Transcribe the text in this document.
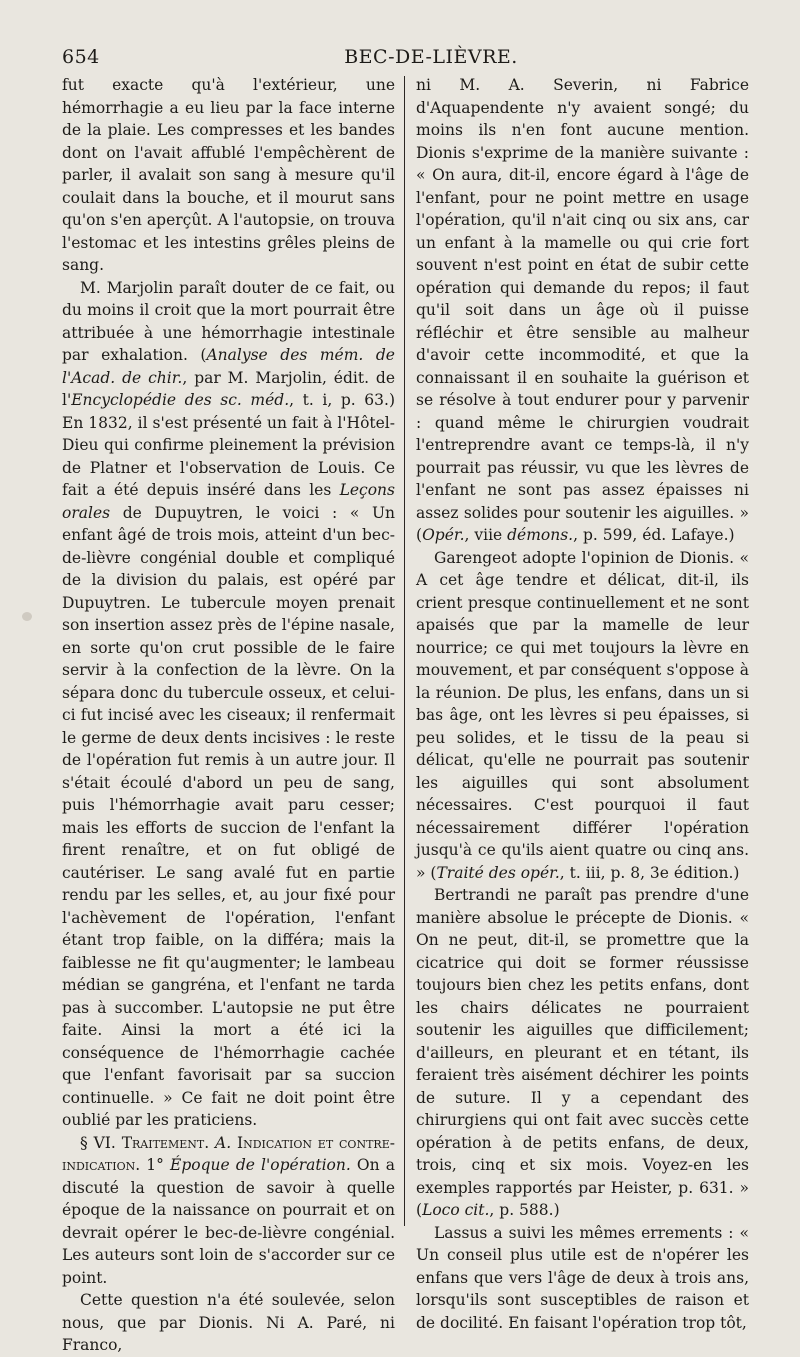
654	BEC-DE-LIÈVRE.

fut exacte qu'à l'extérieur, une hémorrhagie a eu lieu par la face interne de la plaie. Les compresses et les bandes dont on l'avait affublé l'empêchèrent de parler, il avalait son sang à mesure qu'il coulait dans la bouche, et il mourut sans qu'on s'en aperçût. A l'autopsie, on trouva l'estomac et les intestins grêles pleins de sang.

M. Marjolin paraît douter de ce fait, ou du moins il croit que la mort pourrait être attribuée à une hémorrhagie intestinale par exhalation. (Analyse des mém. de l'Acad. de chir., par M. Marjolin, édit. de l'Encyclopédie des sc. méd., t. i, p. 63.) En 1832, il s'est présenté un fait à l'Hôtel-Dieu qui confirme pleinement la prévision de Platner et l'observation de Louis. Ce fait a été depuis inséré dans les Leçons orales de Dupuytren, le voici : « Un enfant âgé de trois mois, atteint d'un bec-de-lièvre congénial double et compliqué de la division du palais, est opéré par Dupuytren. Le tubercule moyen prenait son insertion assez près de l'épine nasale, en sorte qu'on crut possible de le faire servir à la confection de la lèvre. On la sépara donc du tubercule osseux, et celui-ci fut incisé avec les ciseaux; il renfermait le germe de deux dents incisives : le reste de l'opération fut remis à un autre jour. Il s'était écoulé d'abord un peu de sang, puis l'hémorrhagie avait paru cesser; mais les efforts de succion de l'enfant la firent renaître, et on fut obligé de cautériser. Le sang avalé fut en partie rendu par les selles, et, au jour fixé pour l'achèvement de l'opération, l'enfant étant trop faible, on la différa; mais la faiblesse ne fit qu'augmenter; le lambeau médian se gangréna, et l'enfant ne tarda pas à succomber. L'autopsie ne put être faite. Ainsi la mort a été ici la conséquence de l'hémorrhagie cachée que l'enfant favorisait par sa succion continuelle. » Ce fait ne doit point être oublié par les praticiens.

§ VI. Traitement. A. Indication et contre-indication. 1° Époque de l'opération. On a discuté la question de savoir à quelle époque de la naissance on pourrait et on devrait opérer le bec-de-lièvre congénial. Les auteurs sont loin de s'accorder sur ce point.

Cette question n'a été soulevée, selon nous, que par Dionis. Ni A. Paré, ni Franco,

ni M. A. Severin, ni Fabrice d'Aquapendente n'y avaient songé; du moins ils n'en font aucune mention. Dionis s'exprime de la manière suivante : « On aura, dit-il, encore égard à l'âge de l'enfant, pour ne point mettre en usage l'opération, qu'il n'ait cinq ou six ans, car un enfant à la mamelle ou qui crie fort souvent n'est point en état de subir cette opération qui demande du repos; il faut qu'il soit dans un âge où il puisse réfléchir et être sensible au malheur d'avoir cette incommodité, et que la connaissant il en souhaite la guérison et se résolve à tout endurer pour y parvenir : quand même le chirurgien voudrait l'entreprendre avant ce temps-là, il n'y pourrait pas réussir, vu que les lèvres de l'enfant ne sont pas assez épaisses ni assez solides pour soutenir les aiguilles. » (Opér., viie démons., p. 599, éd. Lafaye.)

Garengeot adopte l'opinion de Dionis. « A cet âge tendre et délicat, dit-il, ils crient presque continuellement et ne sont apaisés que par la mamelle de leur nourrice; ce qui met toujours la lèvre en mouvement, et par conséquent s'oppose à la réunion. De plus, les enfans, dans un si bas âge, ont les lèvres si peu épaisses, si peu solides, et le tissu de la peau si délicat, qu'elle ne pourrait pas soutenir les aiguilles qui sont absolument nécessaires. C'est pourquoi il faut nécessairement différer l'opération jusqu'à ce qu'ils aient quatre ou cinq ans. » (Traité des opér., t. iii, p. 8, 3e édition.)

Bertrandi ne paraît pas prendre d'une manière absolue le précepte de Dionis. « On ne peut, dit-il, se promettre que la cicatrice qui doit se former réussisse toujours bien chez les petits enfans, dont les chairs délicates ne pourraient soutenir les aiguilles que difficilement; d'ailleurs, en pleurant et en tétant, ils feraient très aisément déchirer les points de suture. Il y a cependant des chirurgiens qui ont fait avec succès cette opération à de petits enfans, de deux, trois, cinq et six mois. Voyez-en les exemples rapportés par Heister, p. 631. » (Loco cit., p. 588.)

Lassus a suivi les mêmes errements : « Un conseil plus utile est de n'opérer les enfans que vers l'âge de deux à trois ans, lorsqu'ils sont susceptibles de raison et de docilité. En faisant l'opération trop tôt,
